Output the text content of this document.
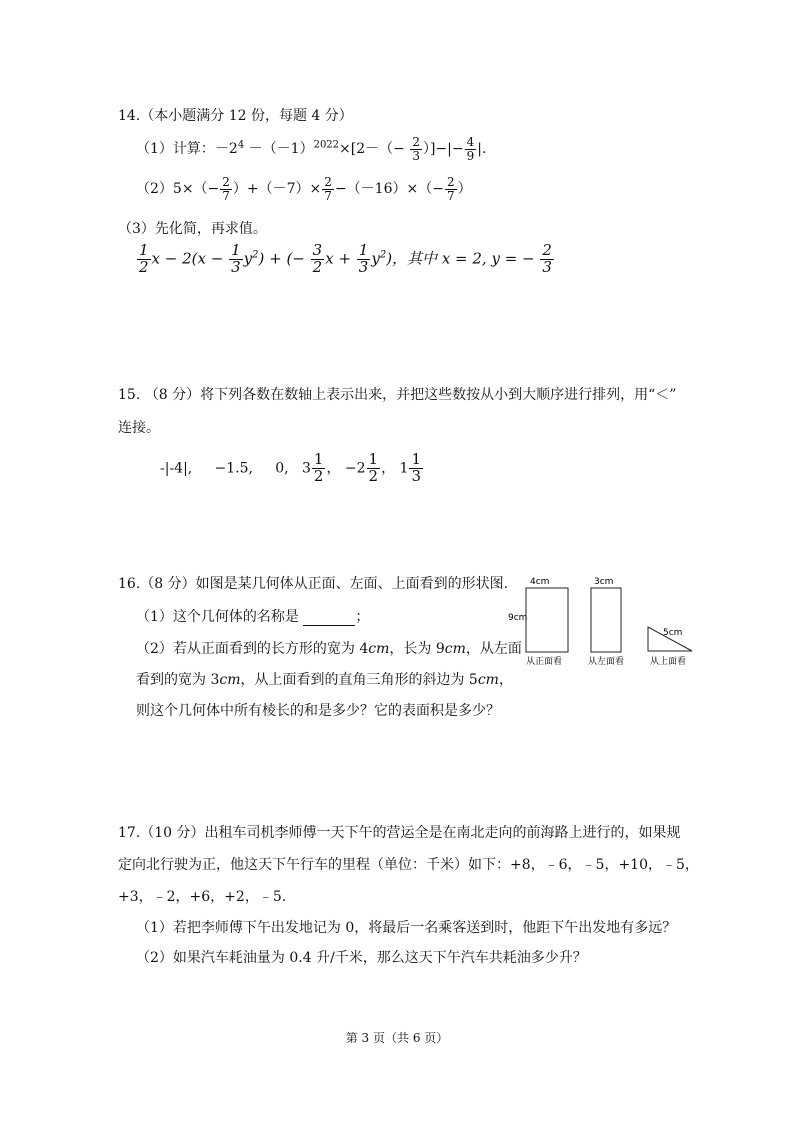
14.（本小题满分 12 份，每题 4 分）
（1）计算：$-2^4 -(-1)^{2022}\times[2-(- \frac{2}{3}$ ）]−|− $\frac{4}{9}$ |.
$(2)5\times(- \frac{2}{7} )+(-7)\times \frac{2}{7} -(-16)\times(- \frac{2}{7}$ ）
（3）先化简，再求值。
$\frac{1}{2}$ $x - 2(x - \frac{1}{3} y^2)$ + (− $\frac{3}{2}$ $x + \frac{1}{3} y^2$)，其中 x = 2, y = − $\frac{2}{3}$
15. （8 分）将下列各数在数轴上表示出来，并把这些数按从小到大顺序进行排列，用“＜”
连接。
-|-4|, −1.5, 0, $3 \frac{1}{2}$ ， $-2 \frac{1}{2}$ ， $1 \frac{1}{3}$
16.（8 分）如图是某几何体从正面、左面、上面看到的形状图.
（1）这个几何体的名称是	；
（2）若从正面看到的长方形的宽为 4cm，长为 9cm，从左面
看到的宽为 3cm，从上面看到的直角三角形的斜边为 5cm，
则这个几何体中所有棱长的和是多少？它的表面积是多少？
4cm
9cm
从正面看
3cm
从左面看
5cm
从上面看
17.（10 分）出租车司机李师傅一天下午的营运全是在南北走向的前海路上进行的，如果规
定向北行驶为正，他这天下午行车的里程（单位：千米）如下：+8，﹣6，﹣5，+10，﹣5，
+3，﹣2，+6，+2，﹣5.
（1）若把李师傅下午出发地记为 0，将最后一名乘客送到时，他距下午出发地有多远？
（2）如果汽车耗油量为 0.4 升/千米，那么这天下午汽车共耗油多少升？
第 3 页（共 6 页）
